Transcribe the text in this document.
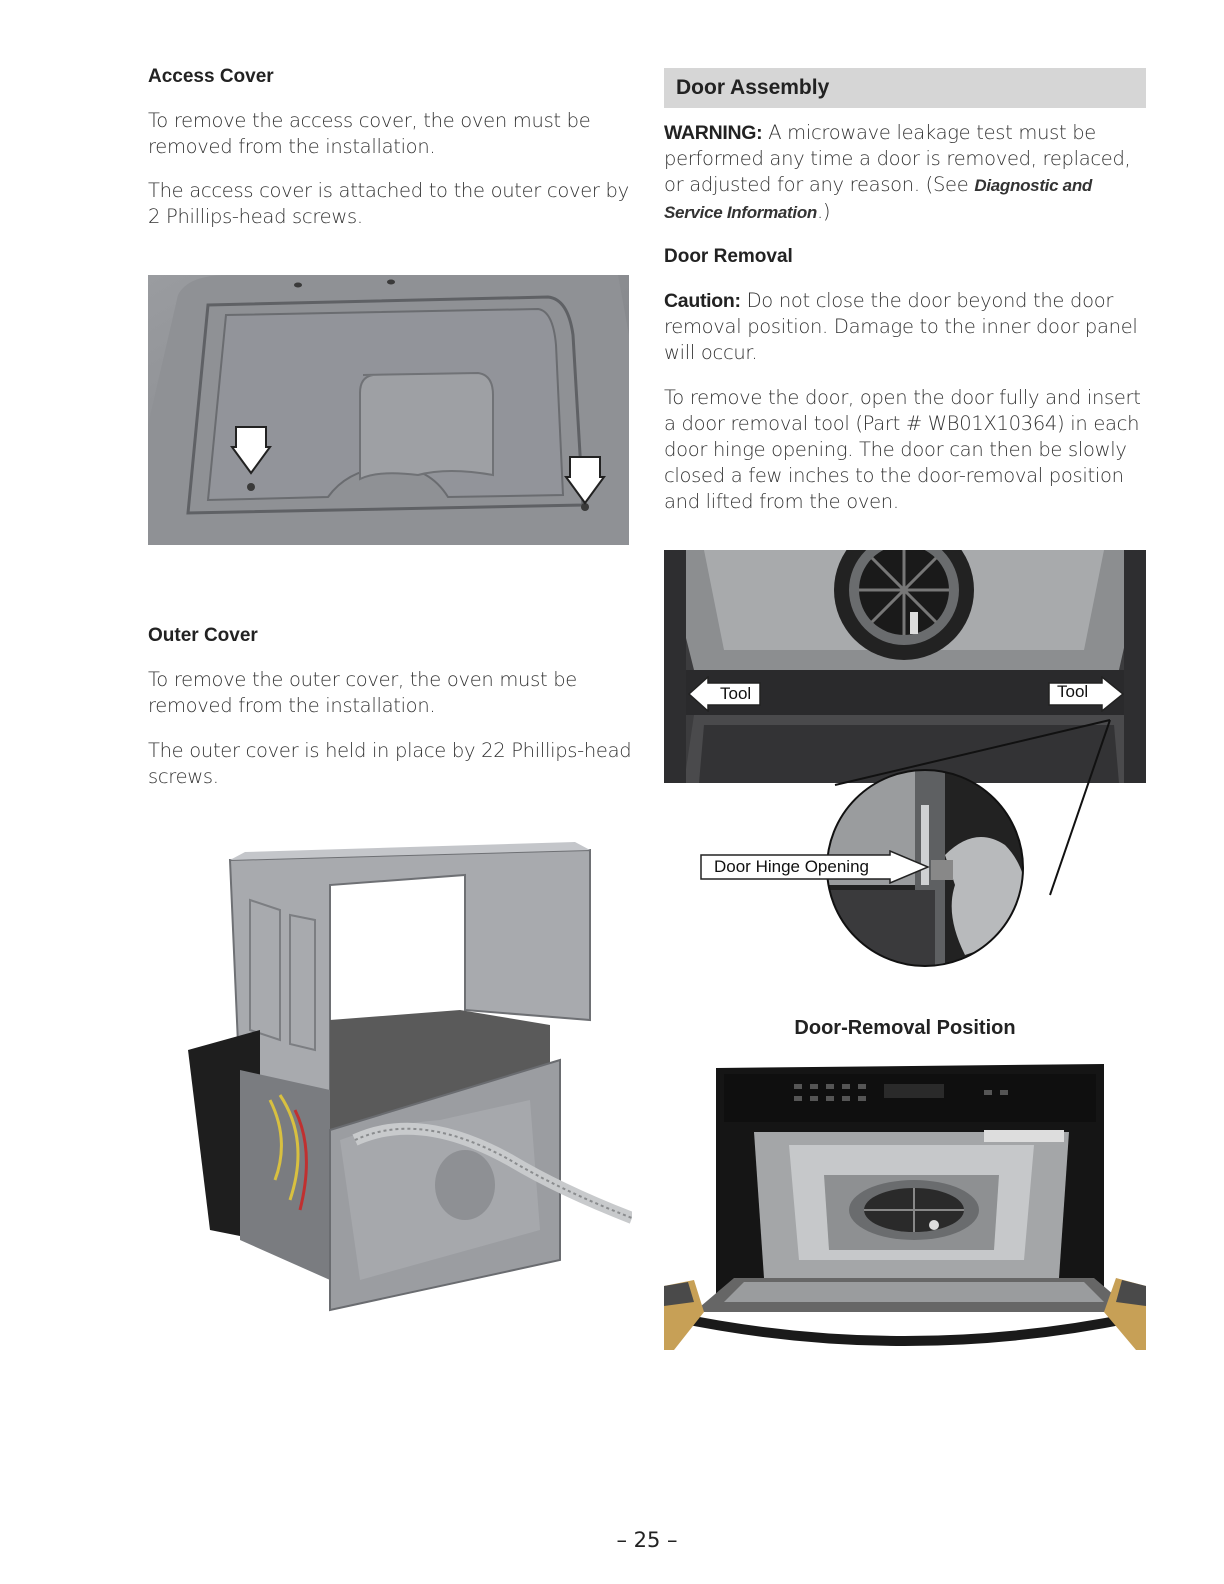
Access Cover

To remove the access cover, the oven must be removed from the installation.

The access cover is attached to the outer cover by 2 Phillips-head screws.

Outer Cover

To remove the outer cover, the oven must be removed from the installation.

The outer cover is held in place by 22 Phillips-head screws.

Door Assembly

WARNING: A microwave leakage test must be performed any time a door is removed, replaced, or adjusted for any reason. (See Diagnostic and Service Information.)

Door Removal

Caution: Do not close the door beyond the door removal position. Damage to the inner door panel will occur.

To remove the door, open the door fully and insert a door removal tool (Part # WB01X10364) in each door hinge opening. The door can then be slowly closed a few inches to the door-removal position and lifted from the oven.

Tool	Tool
Door Hinge Opening
Door-Removal Position
– 25 –
